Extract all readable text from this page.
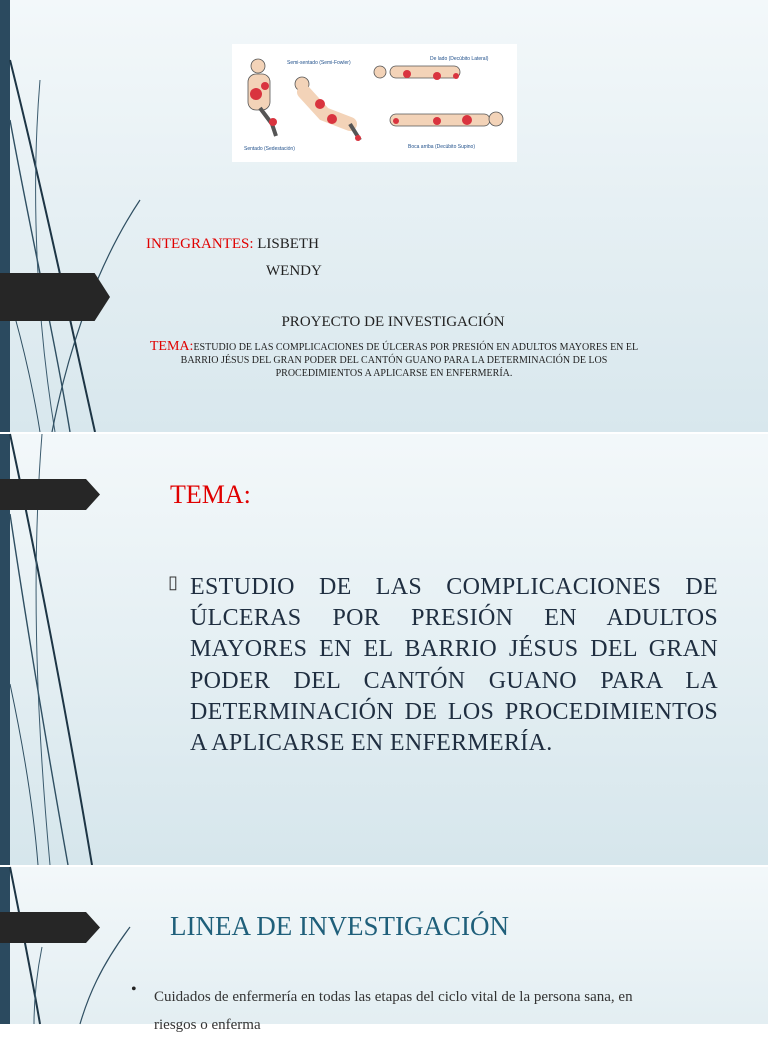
Semi-sentado (Semi-Fowler)
De lado (Decúbito Lateral)
Sentado (Sedestación)	Boca arriba (Decúbito Supino)
INTEGRANTES: LISBETH
WENDY
PROYECTO DE INVESTIGACIÓN
TEMA:ESTUDIO DE LAS COMPLICACIONES DE ÚLCERAS POR PRESIÓN EN ADULTOS MAYORES EN EL BARRIO JÉSUS DEL GRAN PODER DEL CANTÓN GUANO PARA LA DETERMINACIÓN DE LOS PROCEDIMIENTOS A APLICARSE EN ENFERMERÍA.
TEMA:
▯ ESTUDIO DE LAS COMPLICACIONES DE ÚLCERAS POR PRESIÓN EN ADULTOS MAYORES EN EL BARRIO JÉSUS DEL GRAN PODER DEL CANTÓN GUANO PARA LA DETERMINACIÓN DE LOS PROCEDIMIENTOS A APLICARSE EN ENFERMERÍA.
LINEA DE INVESTIGACIÓN
• Cuidados de enfermería en todas las etapas del ciclo vital de la persona sana, en riesgos o enferma
